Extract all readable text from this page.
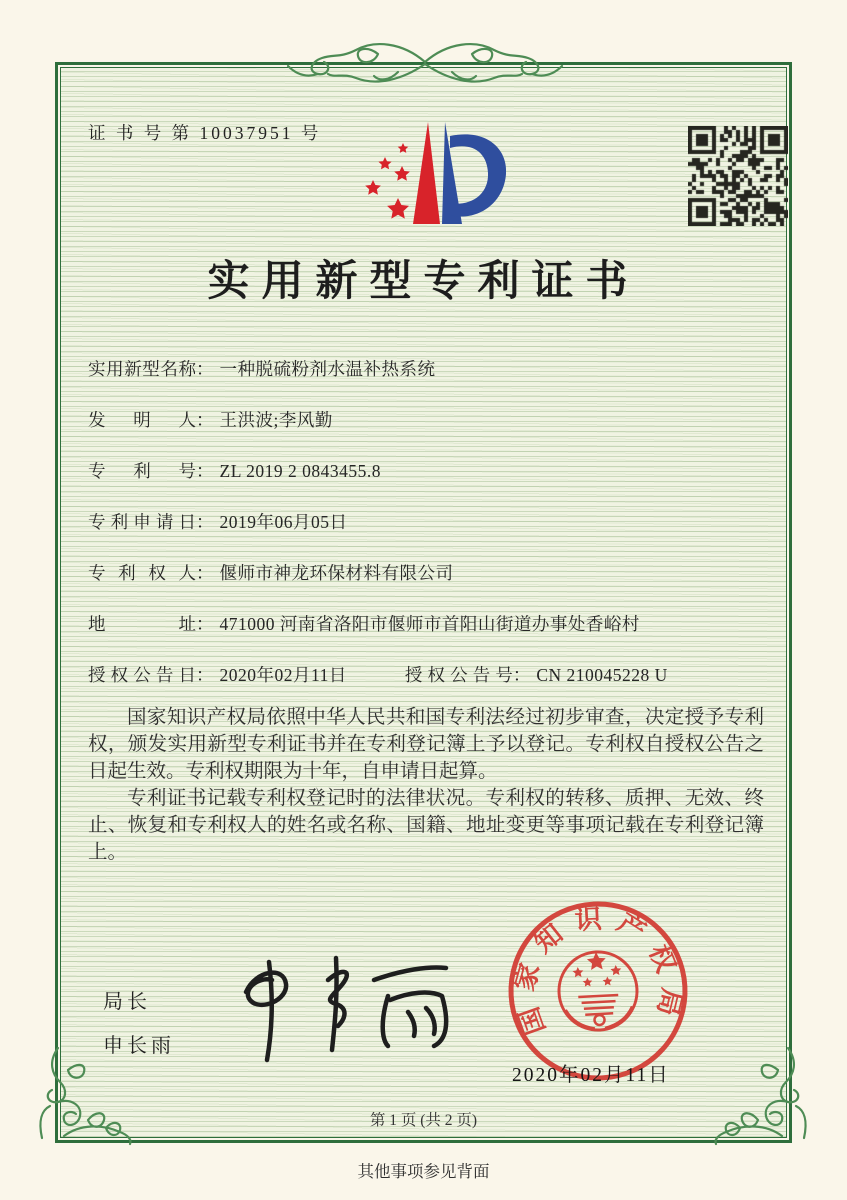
证 书 号 第 10037951 号
实用新型专利证书
实用新型名称： 一种脱硫粉剂水温补热系统
发明人： 王洪波;李风勤
专利号： ZL 2019 2 0843455.8
专利申请日： 2019年06月05日
专利权人： 偃师市神龙环保材料有限公司
地址： 471000 河南省洛阳市偃师市首阳山街道办事处香峪村
授权公告日： 2020年02月11日	授权公告号： CN 210045228 U

国家知识产权局依照中华人民共和国专利法经过初步审查，决定授予专利权，颁发实用新型专利证书并在专利登记簿上予以登记。专利权自授权公告之日起生效。专利权期限为十年，自申请日起算。

专利证书记载专利权登记时的法律状况。专利权的转移、质押、无效、终止、恢复和专利权人的姓名或名称、国籍、地址变更等事项记载在专利登记簿上。

局长
申长雨
国家知识产权局
2020年02月11日
第 1 页 (共 2 页)
其他事项参见背面
